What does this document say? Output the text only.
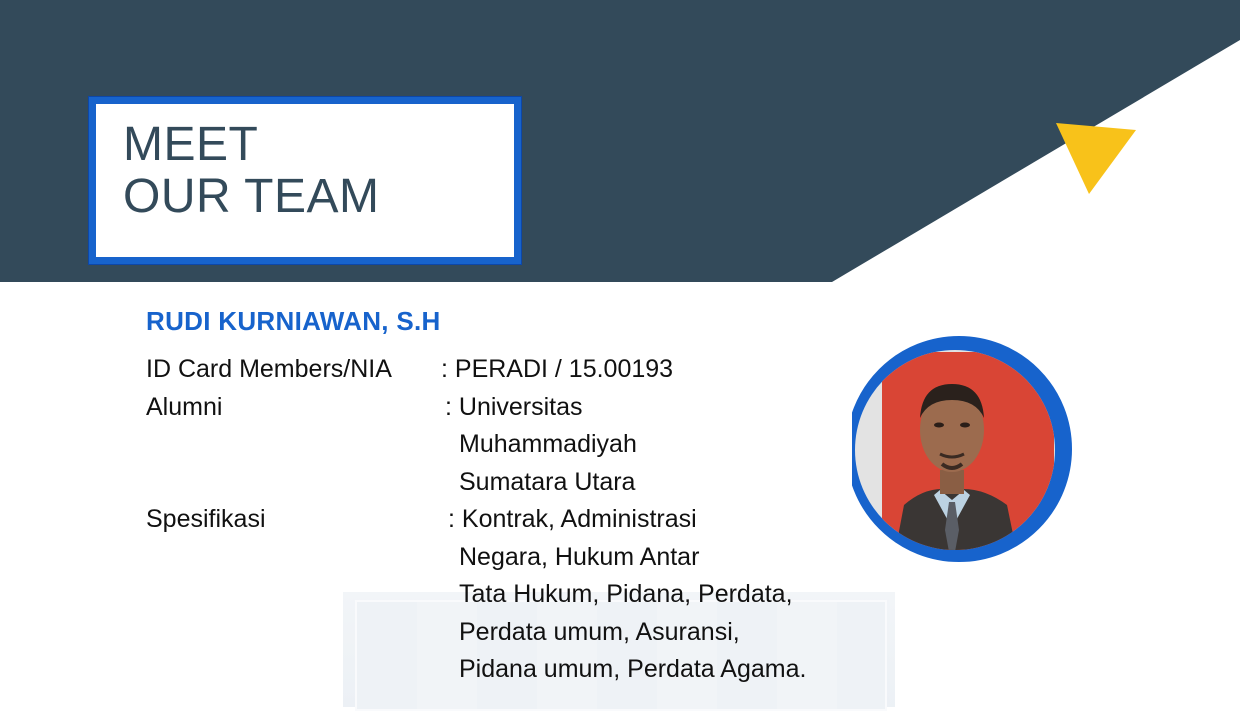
MEET
OUR TEAM
RUDI KURNIAWAN, S.H
ID Card Members/NIA
Alumni
Spesifikasi
: PERADI / 15.00193
: Universitas
Muhammadiyah
Sumatara Utara
: Kontrak, Administrasi
Negara, Hukum Antar
Tata Hukum, Pidana, Perdata,
Perdata umum, Asuransi,
Pidana umum, Perdata Agama.
